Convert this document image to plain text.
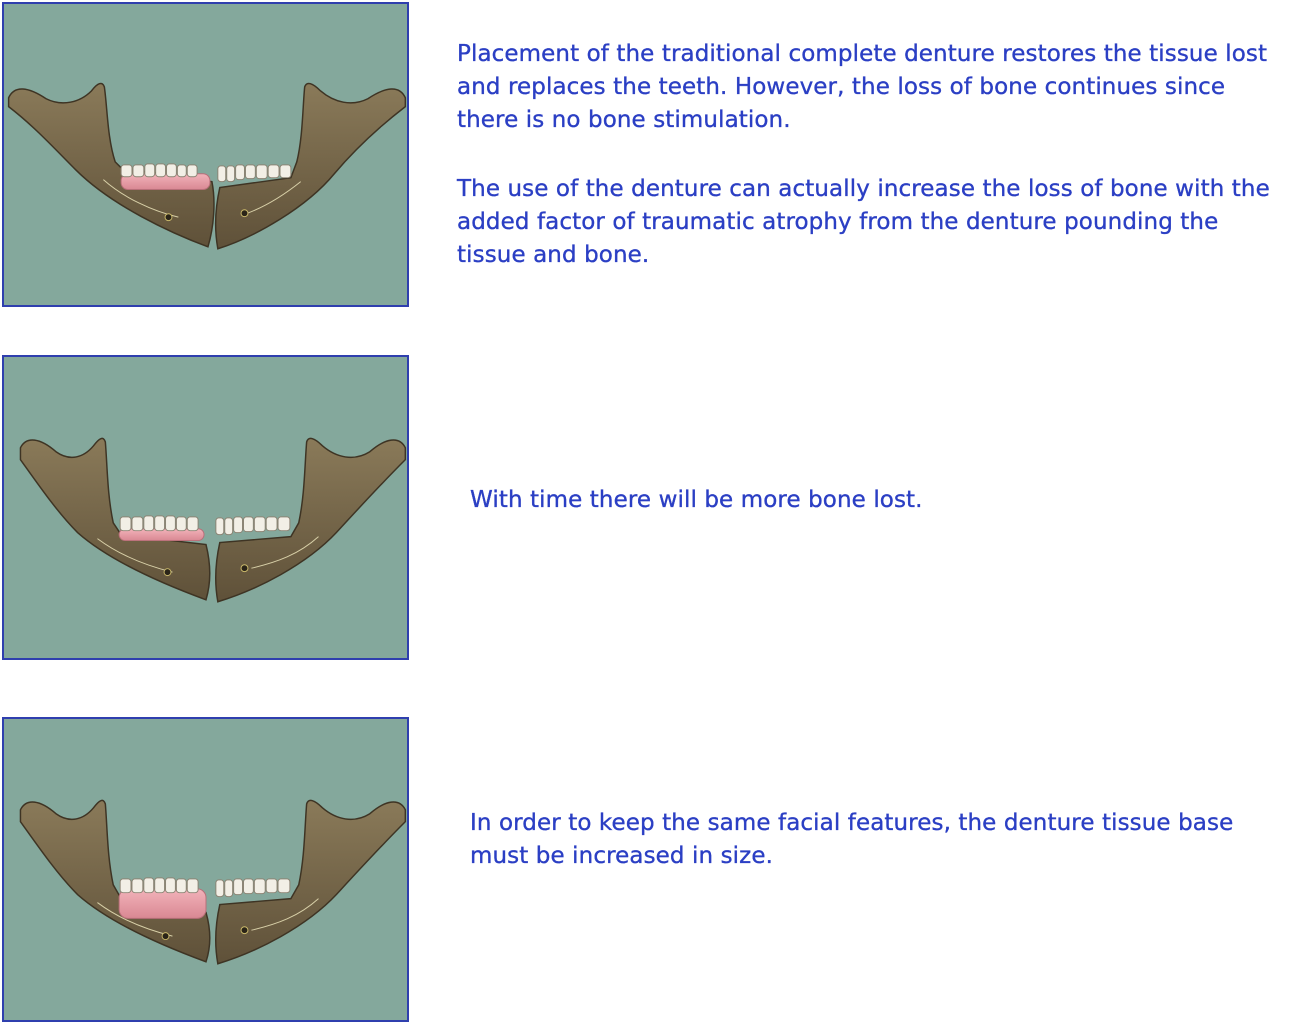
Placement of the traditional complete denture restores the tissue lost and replaces the teeth. However, the loss of bone continues since there is no bone stimulation.

The use of the denture can actually increase the loss of bone with the added factor of traumatic atrophy from the denture pounding the tissue and bone.

With time there will be more bone lost.

In order to keep the same facial features, the denture tissue base must be increased in size.
